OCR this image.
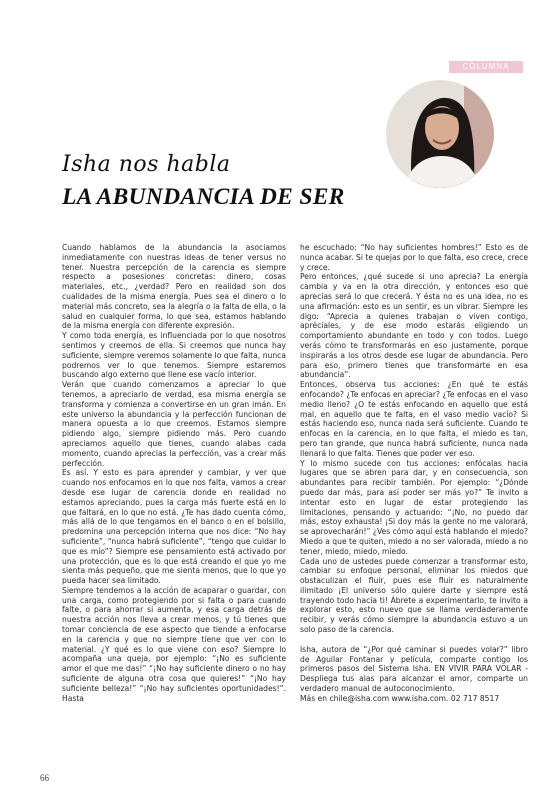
COLUMNA
Isha nos habla
LA ABUNDANCIA DE SER

Cuando hablamos de la abundancia la asociamos inmediatamente con nuestras ideas de tener versus no tener. Nuestra percepción de la carencia es siempre respecto a posesiones concretas: dinero, cosas materiales, etc., ¿verdad? Pero en realidad son dos cualidades de la misma energía. Pues sea el dinero o lo material más concreto, sea la alegría o la falta de ella, o la salud en cualquier forma, lo que sea, estamos hablando de la misma energía con diferente expresión.

Y como toda energía, es influenciada por lo que nosotros sentimos y creemos de ella. Si creemos que nunca hay suficiente, siempre veremos solamente lo que falta, nunca podremos ver lo que tenemos. Siempre estaremos buscando algo externo que llene ese vacío interior.

Verán que cuando comenzamos a apreciar lo que tenemos, a apreciarlo de verdad, esa misma energía se transforma y comienza a convertirse en un gran imán. En este universo la abundancia y la perfección funcionan de manera opuesta a lo que creemos. Estamos siempre pidiendo algo, siempre pidiendo más. Pero cuando apreciamos aquello que tienes, cuando alabas cada momento, cuando aprecias la perfección, vas a crear más perfección.

Es así. Y esto es para aprender y cambiar, y ver que cuando nos enfocamos en lo que nos falta, vamos a crear desde ese lugar de carencia donde en realidad no estamos apreciando, pues la carga más fuerte está en lo que faltará, en lo que no está. ¿Te has dado cuenta cómo, más allá de lo que tengamos en el banco o en el bolsillo, predomina una percepción interna que nos dice: “No hay suficiente”, “nunca habrá suficiente”, “tengo que cuidar lo que es mío”? Siempre ese pensamiento está activado por una protección, que es lo que está creando el que yo me sienta más pequeño, que me sienta menos, que lo que yo pueda hacer sea limitado.

Siempre tendemos a la acción de acaparar o guardar, con una carga, como protegiendo por si falta o para cuando falte, o para ahorrar si aumenta, y esa carga detrás de nuestra acción nos lleva a crear menos, y tú tienes que tomar conciencia de ese aspecto que tiende a enfocarse en la carencia y que no siempre tiene que ver con lo material. ¿Y qué es lo que viene con eso? Siempre lo acompaña una queja, por ejemplo: “¡No es suficiente amor el que me das!” “¡No hay suficiente dinero o no hay suficiente de alguna otra cosa que quieres!” “¡No hay suficiente belleza!” “¡No hay suficientes oportunidades!”. Hasta

he escuchado: “No hay suficientes hombres!” Esto es de nunca acabar. Si te quejas por lo que falta, eso crece, crece y crece.

Pero entonces, ¿qué sucede si uno aprecia? La energía cambia y va en la otra dirección, y entonces eso que aprecias será lo que crecerá. Y ésta no es una idea, no es una afirmación: esto es un sentir, es un vibrar. Siempre les digo: “Aprecia a quienes trabajan o viven contigo, apréciales, y de ese modo estarás eligiendo un comportamiento abundante en todo y con todos. Luego verás cómo te transformarás en eso justamente, porque inspirarás a los otros desde ese lugar de abundancia. Pero para eso, primero tienes que transformarte en esa abundancia”.

Entonces, observa tus acciones: ¿En qué te estás enfocando? ¿Te enfocas en apreciar? ¿Te enfocas en el vaso medio lleno? ¿O te estás enfocando en aquello que está mal, en aquello que te falta, en el vaso medio vacío? Si estás haciendo eso, nunca nada será suficiente. Cuando te enfocas en la carencia, en lo que falta, el miedo es tan, pero tan grande, que nunca habrá suficiente, nunca nada llenará lo que falta. Tienes que poder ver eso.

Y lo mismo sucede con tus acciones: enfócalas hacia lugares que se abren para dar, y en consecuencia, son abundantes para recibir también. Por ejemplo: “¿Dónde puedo dar más, para así poder ser más yo?” Te invito a intentar esto en lugar de estar protegiendo las limitaciones, pensando y actuando: “¡No, no puedo dar más, estoy exhausta! ¡Si doy más la gente no me valorará, se aprovecharán!” ¿Ves cómo aquí está hablando el miedo? Miedo a que te quiten, miedo a no ser valorada, miedo a no tener, miedo, miedo, miedo.

Cada uno de ustedes puede comenzar a transformar esto, cambiar su enfoque personal, eliminar los miedos que obstaculizan el fluir, pues ese fluir es naturalmente ilimitado ¡El universo sólo quiere darte y siempre está trayendo todo hacia ti! Ábrete a experimentarlo, te invito a explorar esto, esto nuevo que se llama verdaderamente recibir, y verás cómo siempre la abundancia estuvo a un solo paso de la carencia.

Isha, autora de “¿Por qué caminar si puedes volar?” libro de Aguilar Fontanar y película, comparte contigo los primeros pasos del Sistema Isha. EN VIVIR PARA VOLAR - Despliega tus alas para alcanzar el amor, comparte un verdadero manual de autoconocimiento.

Más en chile@isha.com www.isha.com. 02 717 8517

66
